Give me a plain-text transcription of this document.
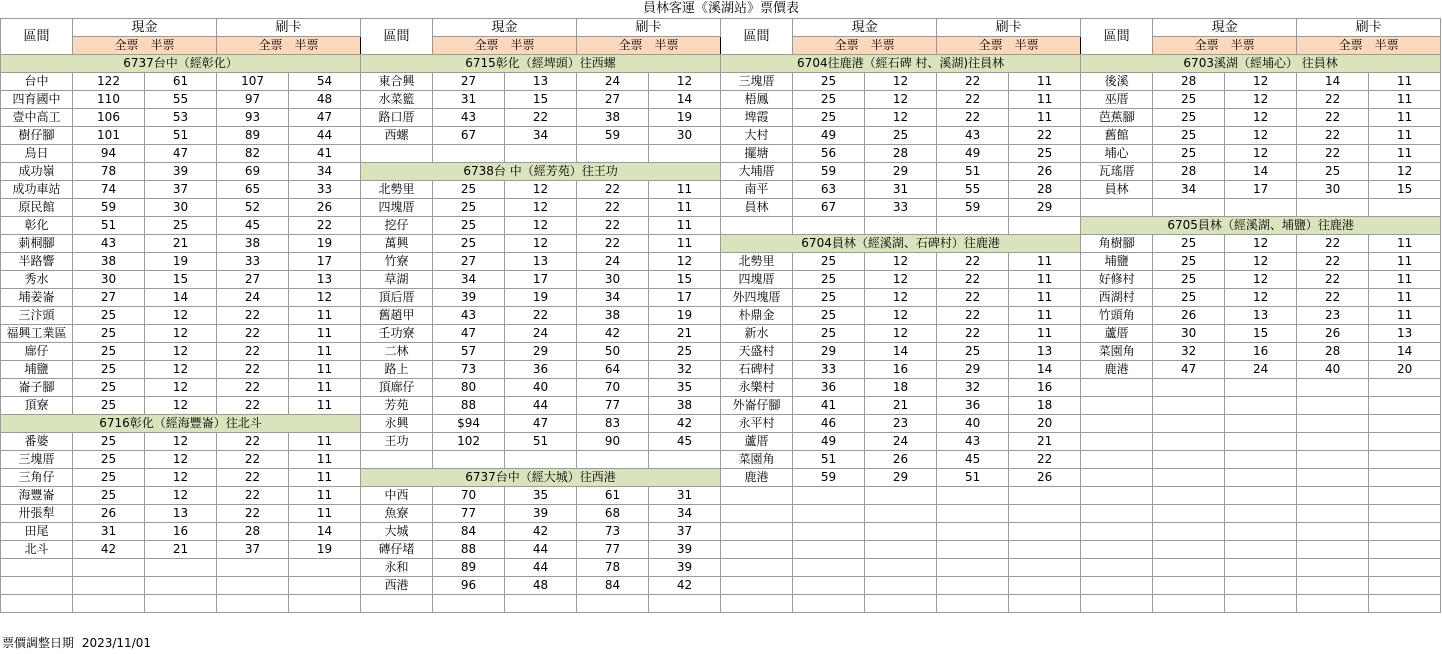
員林客運《溪湖站》票價表
區間	現金		刷卡		區間	現金		刷卡		區間	現金		刷卡		區間	現金		刷卡	
	全票　半票		全票　半票			全票　半票		全票　半票			全票　半票		全票　半票			全票　半票		全票　半票	
6737台中（經彰化）					6715彰化（經埤頭）往西螺					6704往鹿港（經石碑 村、溪湖)往員林					6703溪湖（經埔心） 往員林				
台中	122	61	107	54	東合興	27	13	24	12	三塊厝	25	12	22	11	後溪	28	12	14	11
四育國中	110	55	97	48	水菜籃	31	15	27	14	梧鳳	25	12	22	11	巫厝	25	12	22	11
壹中高工	106	53	93	47	路口厝	43	22	38	19	埤霞	25	12	22	11	芭蕉腳	25	12	22	11
樹仔腳	101	51	89	44	西螺	67	34	59	30	大村	49	25	43	22	舊館	25	12	22	11
烏日	94	47	82	41						擺塘	56	28	49	25	埔心	25	12	22	11
成功嶺	78	39	69	34	6738台 中（經芳苑）往王功					大埔厝	59	29	51	26	瓦瑤厝	28	14	25	12
成功車站	74	37	65	33	北勢里	25	12	22	11	南平	63	31	55	28	員林	34	17	30	15
原民館	59	30	52	26	四塊厝	25	12	22	11	員林	67	33	59	29					
彰化	51	25	45	22	挖仔	25	12	22	11						6705員林（經溪湖、埔鹽）往鹿港				
莿桐腳	43	21	38	19	萬興	25	12	22	11	6704員林（經溪湖、石碑村）往鹿港					角樹腳	25	12	22	11
半路響	38	19	33	17	竹寮	27	13	24	12	北勢里	25	12	22	11	埔鹽	25	12	22	11
秀水	30	15	27	13	草湖	34	17	30	15	四塊厝	25	12	22	11	好修村	25	12	22	11
埔姜崙	27	14	24	12	頂后厝	39	19	34	17	外四塊厝	25	12	22	11	西湖村	25	12	22	11
三汴頭	25	12	22	11	舊趙甲	43	22	38	19	朴鼎金	25	12	22	11	竹頭角	26	13	23	11
福興工業區	25	12	22	11	壬功寮	47	24	42	21	新水	25	12	22	11	蘆厝	30	15	26	13
廍仔	25	12	22	11	二林	57	29	50	25	天盛村	29	14	25	13	菜園角	32	16	28	14
埔鹽	25	12	22	11	路上	73	36	64	32	石碑村	33	16	29	14	鹿港	47	24	40	20
崙子腳	25	12	22	11	頂廍仔	80	40	70	35	永樂村	36	18	32	16					
頂寮	25	12	22	11	芳苑	88	44	77	38	外崙仔腳	41	21	36	18					
6716彰化（經海豐崙）往北斗					永興	$94	47	83	42	永平村	46	23	40	20					
番婆	25	12	22	11	王功	102	51	90	45	蘆厝	49	24	43	21					
三塊厝	25	12	22	11						菜園角	51	26	45	22					
三角仔	25	12	22	11	6737台中（經大城）往西港					鹿港	59	29	51	26					
海豐崙	25	12	22	11	中西	70	35	61	31										
卅張犁	26	13	22	11	魚寮	77	39	68	34										
田尾	31	16	28	14	大城	84	42	73	37										
北斗	42	21	37	19	磚仔堵	88	44	77	39										
					永和	89	44	78	39										
					西港	96	48	84	42										

票價調整日期 2023/11/01
